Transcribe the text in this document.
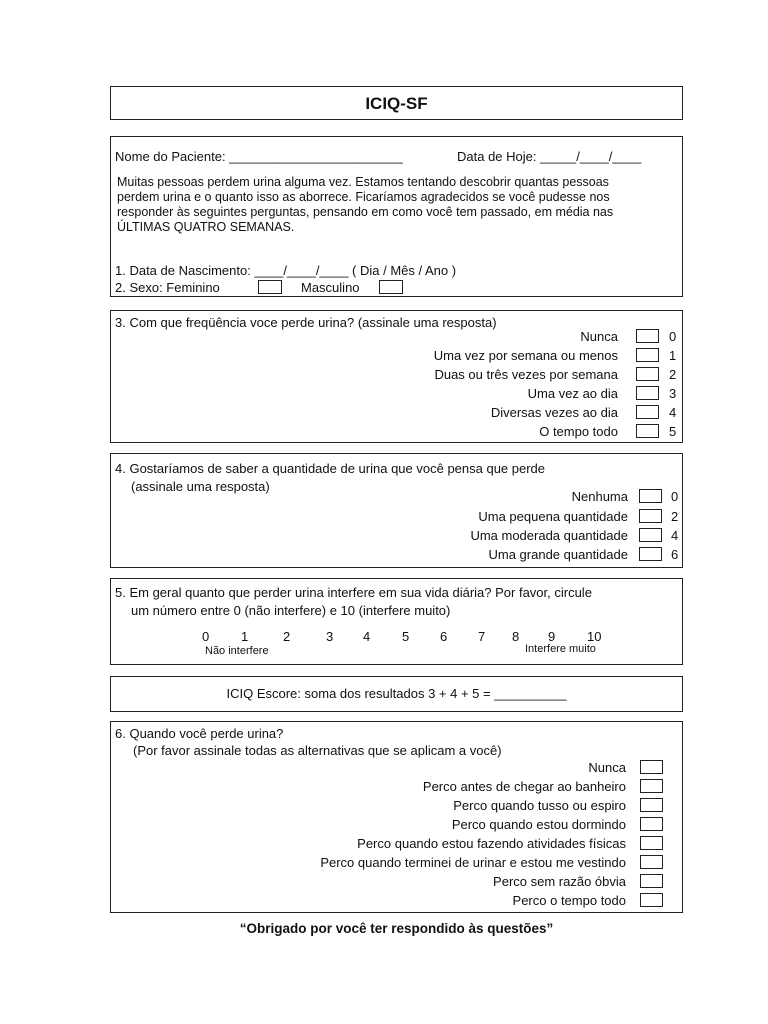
ICIQ-SF
Nome do Paciente: ________________________	Data de Hoje: _____/____/____
Muitas pessoas perdem urina alguma vez. Estamos tentando descobrir quantas pessoas
perdem urina e o quanto isso as aborrece. Ficaríamos agradecidos se você pudesse nos
responder às seguintes perguntas, pensando em como você tem passado, em média nas
ÚLTIMAS QUATRO SEMANAS.
1. Data de Nascimento: ____/____/____ ( Dia / Mês / Ano )
2. Sexo: Feminino	Masculino
3. Com que freqüência voce perde urina? (assinale uma resposta)
Nunca	0
Uma vez por semana ou menos	1
Duas ou três vezes por semana	2
Uma vez ao dia	3
Diversas vezes ao dia	4
O tempo todo	5
4. Gostaríamos de saber a quantidade de urina que você pensa que perde
(assinale uma resposta)
Nenhuma	0
Uma pequena quantidade	2
Uma moderada quantidade	4
Uma grande quantidade	6
5. Em geral quanto que perder urina interfere em sua vida diária? Por favor, circule
um número entre 0 (não interfere) e 10 (interfere muito)
0 1	2	3 4 5 6 7 8 9 10
Não interfere	Interfere muito
ICIQ Escore: soma dos resultados 3 + 4 + 5 = __________
6. Quando você perde urina?
(Por favor assinale todas as alternativas que se aplicam a você)
Nunca
Perco antes de chegar ao banheiro
Perco quando tusso ou espiro
Perco quando estou dormindo
Perco quando estou fazendo atividades físicas
Perco quando terminei de urinar e estou me vestindo
Perco sem razão óbvia
Perco o tempo todo
“Obrigado por você ter respondido às questões”
